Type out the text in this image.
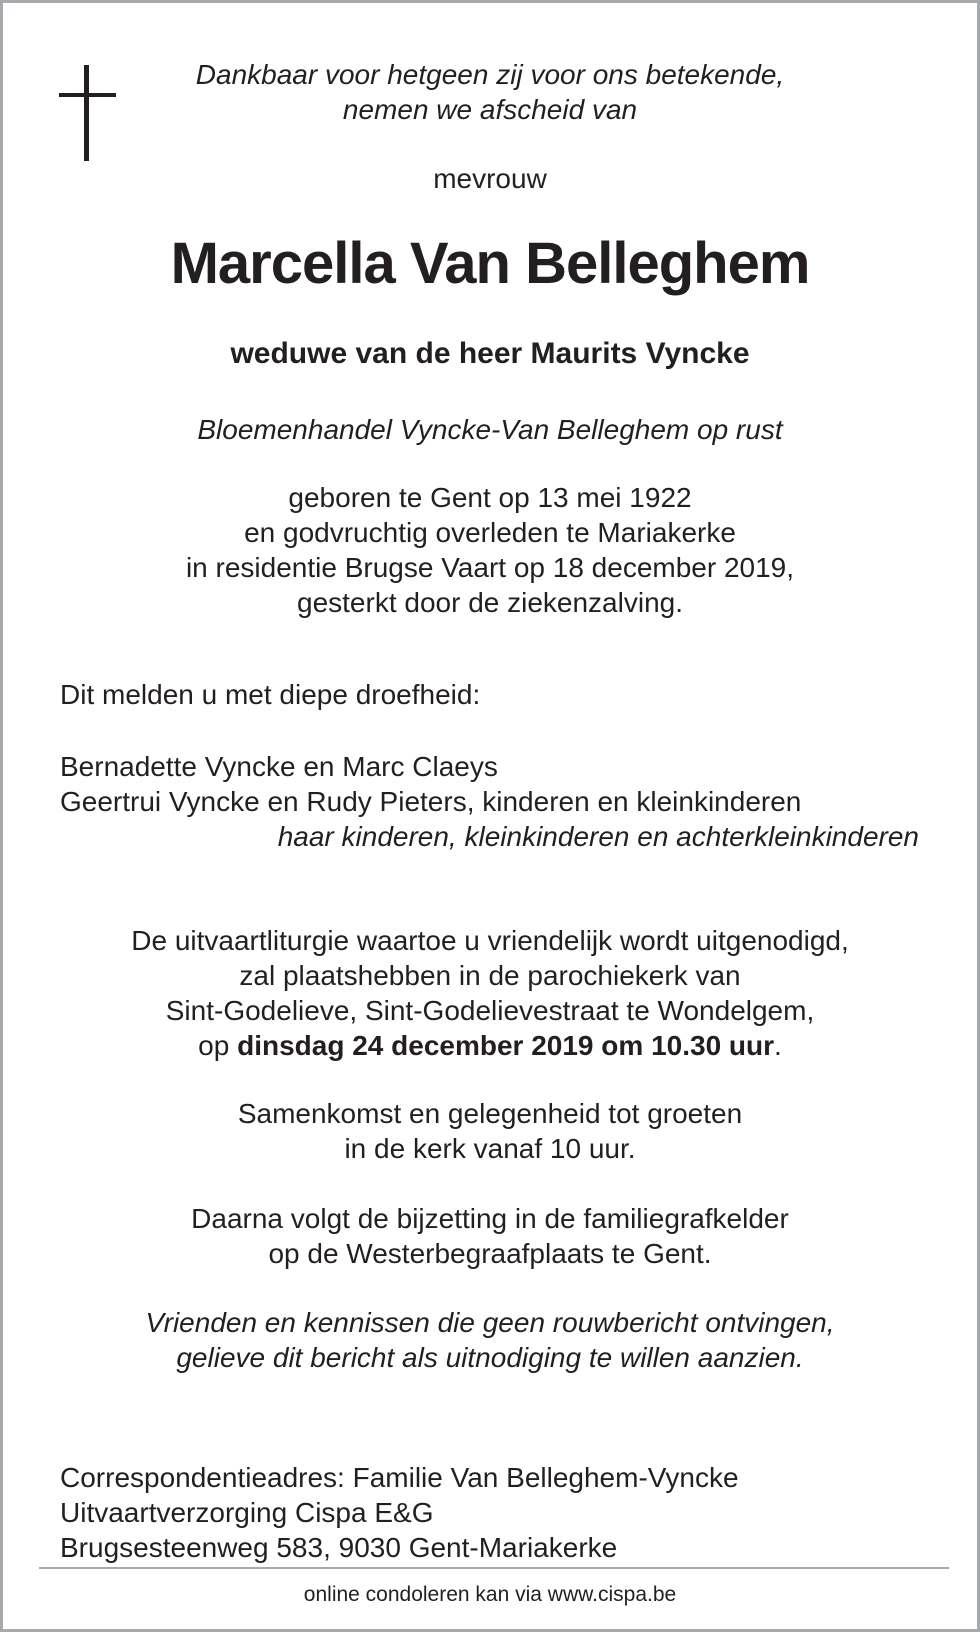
Dankbaar voor hetgeen zij voor ons betekende,
nemen we afscheid van
mevrouw
Marcella Van Belleghem
weduwe van de heer Maurits Vyncke
Bloemenhandel Vyncke-Van Belleghem op rust
geboren te Gent op 13 mei 1922
en godvruchtig overleden te Mariakerke
in residentie Brugse Vaart op 18 december 2019,
gesterkt door de ziekenzalving.
Dit melden u met diepe droefheid:
Bernadette Vyncke en Marc Claeys
Geertrui Vyncke en Rudy Pieters, kinderen en kleinkinderen
haar kinderen, kleinkinderen en achterkleinkinderen
De uitvaartliturgie waartoe u vriendelijk wordt uitgenodigd,
zal plaatshebben in de parochiekerk van
Sint-Godelieve, Sint-Godelievestraat te Wondelgem,
op dinsdag 24 december 2019 om 10.30 uur.
Samenkomst en gelegenheid tot groeten
in de kerk vanaf 10 uur.
Daarna volgt de bijzetting in de familiegrafkelder
op de Westerbegraafplaats te Gent.
Vrienden en kennissen die geen rouwbericht ontvingen,
gelieve dit bericht als uitnodiging te willen aanzien.
Correspondentieadres: Familie Van Belleghem-Vyncke
Uitvaartverzorging Cispa E&G
Brugsesteenweg 583, 9030 Gent-Mariakerke
online condoleren kan via www.cispa.be
